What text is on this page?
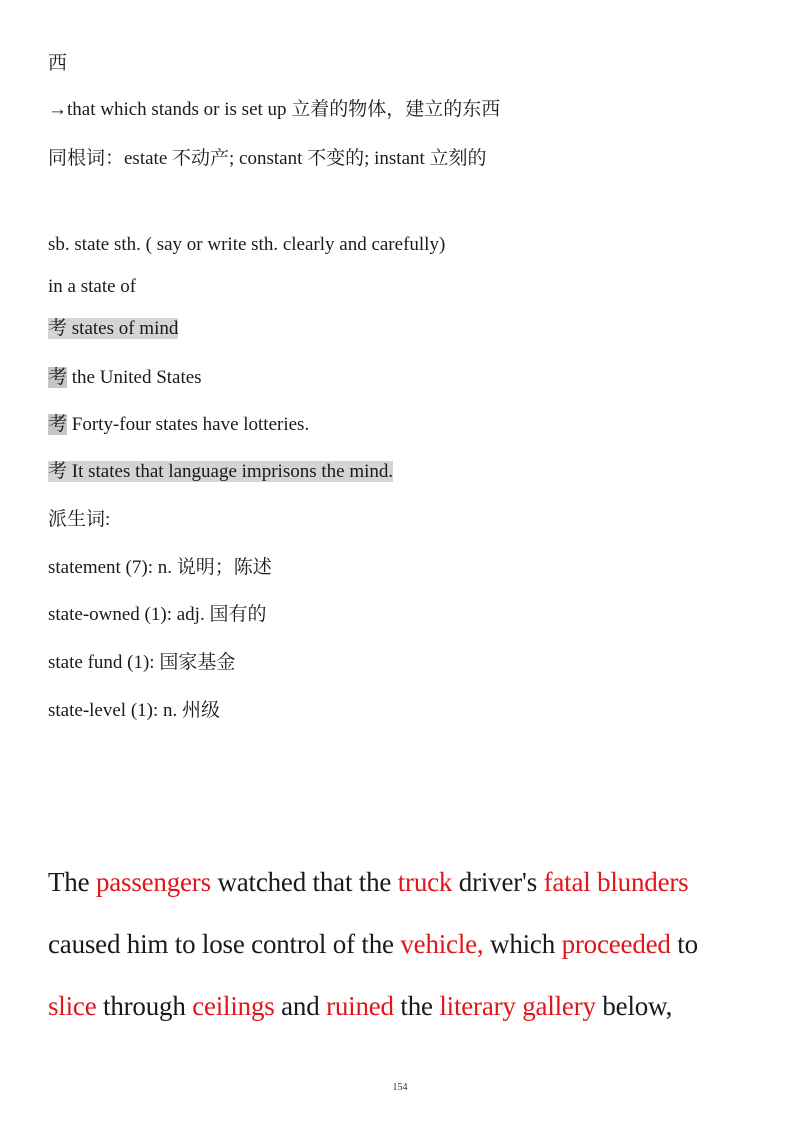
西
→that which stands or is set up 立着的物体，建立的东西
同根词：estate 不动产; constant 不变的; instant 立刻的
sb. state sth. ( say or write sth. clearly and carefully)
in a state of
考 states of mind
考 the United States
考 Forty-four states have lotteries.
考 It states that language imprisons the mind.
派生词:
statement (7): n. 说明；陈述
state-owned (1): adj. 国有的
state fund (1): 国家基金
state-level (1): n. 州级
The passengers watched that the truck driver's fatal blunders
caused him to lose control of the vehicle, which proceeded to
slice through ceilings and ruined the literary gallery below,
154
